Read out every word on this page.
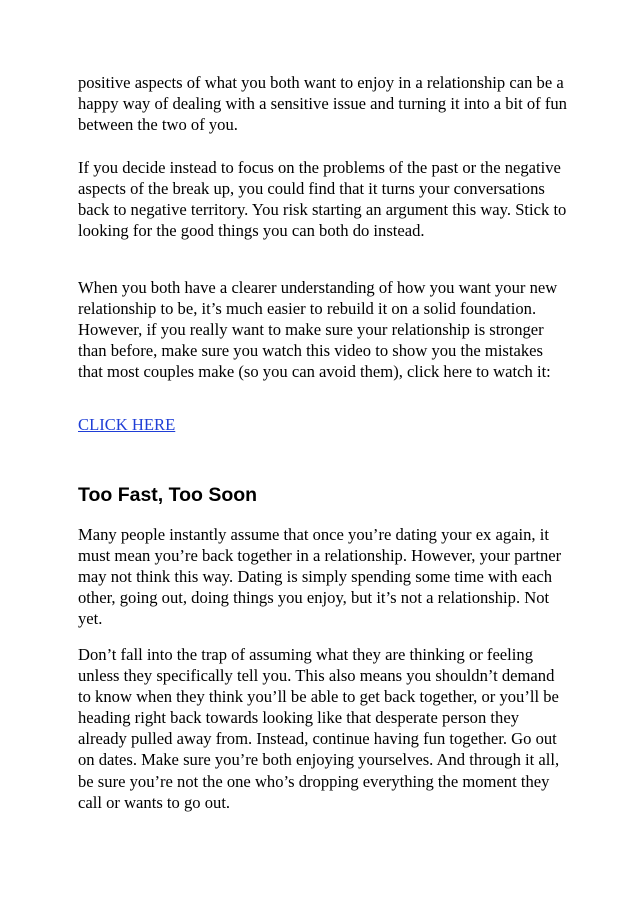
positive aspects of what you both want to enjoy in a relationship can be a happy way of dealing with a sensitive issue and turning it into a bit of fun between the two of you.

If you decide instead to focus on the problems of the past or the negative aspects of the break up, you could find that it turns your conversations back to negative territory. You risk starting an argument this way. Stick to looking for the good things you can both do instead.

When you both have a clearer understanding of how you want your new relationship to be, it’s much easier to rebuild it on a solid foundation. However, if you really want to make sure your relationship is stronger than before, make sure you watch this video to show you the mistakes that most couples make (so you can avoid them), click here to watch it:

CLICK HERE

Too Fast, Too Soon

Many people instantly assume that once you’re dating your ex again, it must mean you’re back together in a relationship. However, your partner may not think this way. Dating is simply spending some time with each other, going out, doing things you enjoy, but it’s not a relationship. Not yet.

Don’t fall into the trap of assuming what they are thinking or feeling unless they specifically tell you. This also means you shouldn’t demand to know when they think you’ll be able to get back together, or you’ll be heading right back towards looking like that desperate person they already pulled away from. Instead, continue having fun together. Go out on dates. Make sure you’re both enjoying yourselves. And through it all, be sure you’re not the one who’s dropping everything the moment they call or wants to go out.
